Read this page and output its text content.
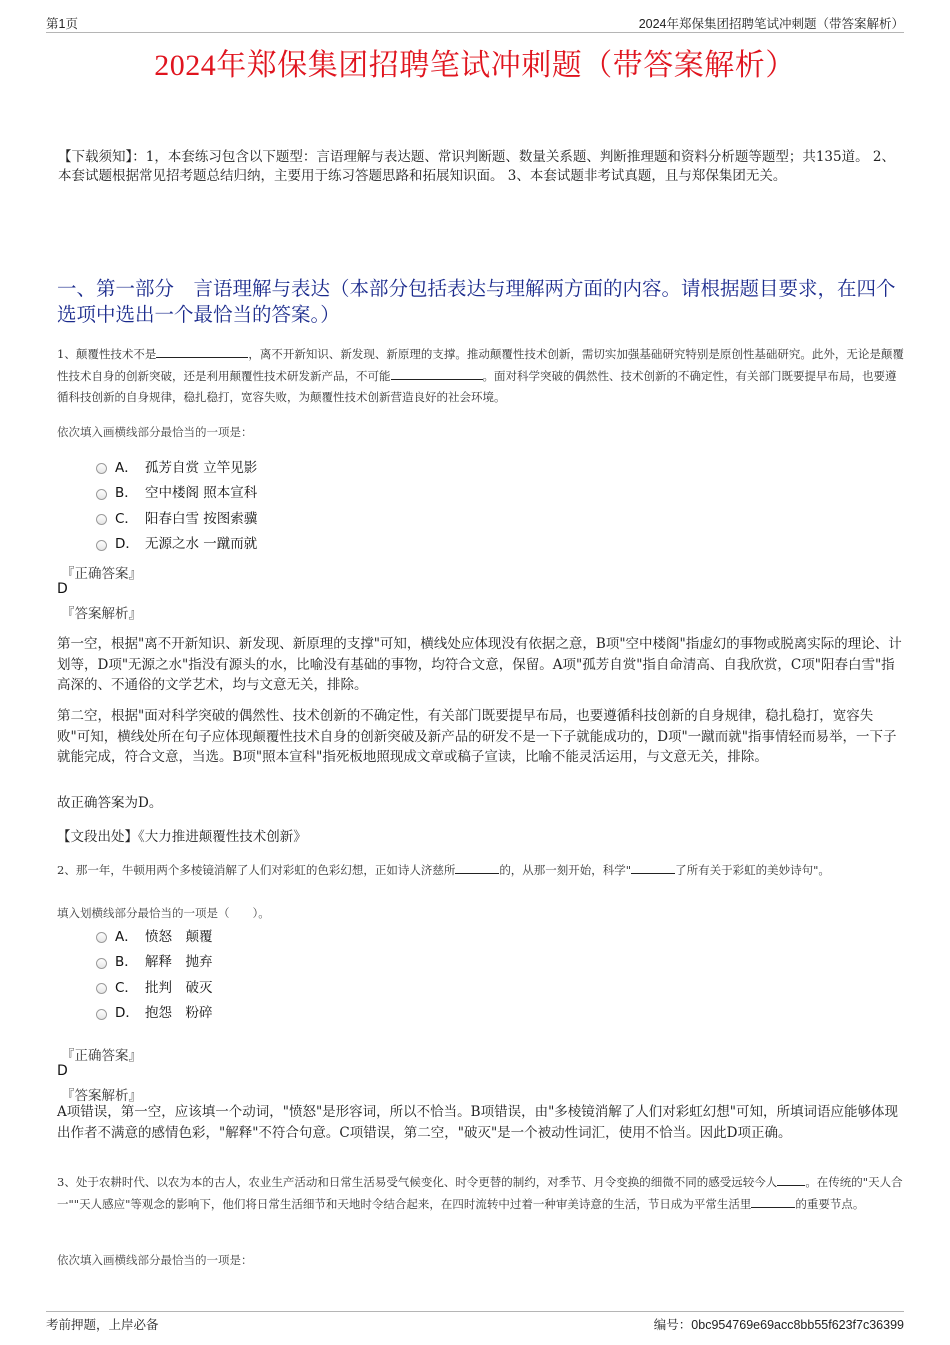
第1页	2024年郑保集团招聘笔试冲刺题（带答案解析）
2024年郑保集团招聘笔试冲刺题（带答案解析）
【下载须知】：1，本套练习包含以下题型：言语理解与表达题、常识判断题、数量关系题、判断推理题和资料分析题等题型；共135道。 2、本套试题根据常见招考题总结归纳，主要用于练习答题思路和拓展知识面。 3、本套试题非考试真题，且与郑保集团无关。
一、第一部分　言语理解与表达（本部分包括表达与理解两方面的内容。请根据题目要求，在四个选项中选出一个最恰当的答案。）
1、颠覆性技术不是	，离不开新知识、新发现、新原理的支撑。推动颠覆性技术创新，需切实加强基础研究特别是原创性基础研究。此外，无论是颠覆性技术自身的创新突破，还是利用颠覆性技术研发新产品，不可能	。面对科学突破的偶然性、技术创新的不确定性，有关部门既要提早布局，也要遵循科技创新的自身规律，稳扎稳打，宽容失败，为颠覆性技术创新营造良好的社会环境。
依次填入画横线部分最恰当的一项是：
A． 孤芳自赏 立竿见影
B． 空中楼阁 照本宣科
C． 阳春白雪 按图索骥
D． 无源之水 一蹴而就
『正确答案』
D
『答案解析』
第一空，根据"离不开新知识、新发现、新原理的支撑"可知，横线处应体现没有依据之意，B项"空中楼阁"指虚幻的事物或脱离实际的理论、计划等，D项"无源之水"指没有源头的水，比喻没有基础的事物，均符合文意，保留。A项"孤芳自赏"指自命清高、自我欣赏，C项"阳春白雪"指高深的、不通俗的文学艺术，均与文意无关，排除。
第二空，根据"面对科学突破的偶然性、技术创新的不确定性，有关部门既要提早布局，也要遵循科技创新的自身规律，稳扎稳打，宽容失败"可知，横线处所在句子应体现颠覆性技术自身的创新突破及新产品的研发不是一下子就能成功的，D项"一蹴而就"指事情轻而易举，一下子就能完成，符合文意，当选。B项"照本宣科"指死板地照现成文章或稿子宣读，比喻不能灵活运用，与文意无关，排除。
故正确答案为D。
【文段出处】《大力推进颠覆性技术创新》
2、那一年，牛顿用两个多棱镜消解了人们对彩虹的色彩幻想，正如诗人济慈所	的，从那一刻开始，科学"	了所有关于彩虹的美妙诗句"。
填入划横线部分最恰当的一项是（　　）。
A． 愤怒　颠覆
B． 解释　抛弃
C． 批判　破灭
D． 抱怨　粉碎
『正确答案』
D
『答案解析』
A项错误，第一空，应该填一个动词，"愤怒"是形容词，所以不恰当。B项错误，由"多棱镜消解了人们对彩虹幻想"可知，所填词语应能够体现出作者不满意的感情色彩，"解释"不符合句意。C项错误，第二空，"破灭"是一个被动性词汇，使用不恰当。因此D项正确。
3、处于农耕时代、以农为本的古人，农业生产活动和日常生活易受气候变化、时令更替的制约，对季节、月令变换的细微不同的感受远较今人 。在传统的"天人合一""天人感应"等观念的影响下，他们将日常生活细节和天地时令结合起来，在四时流转中过着一种审美诗意的生活，节日成为平常生活里	的重要节点。
依次填入画横线部分最恰当的一项是：
考前押题，上岸必备	编号：0bc954769e69acc8bb55f623f7c36399
